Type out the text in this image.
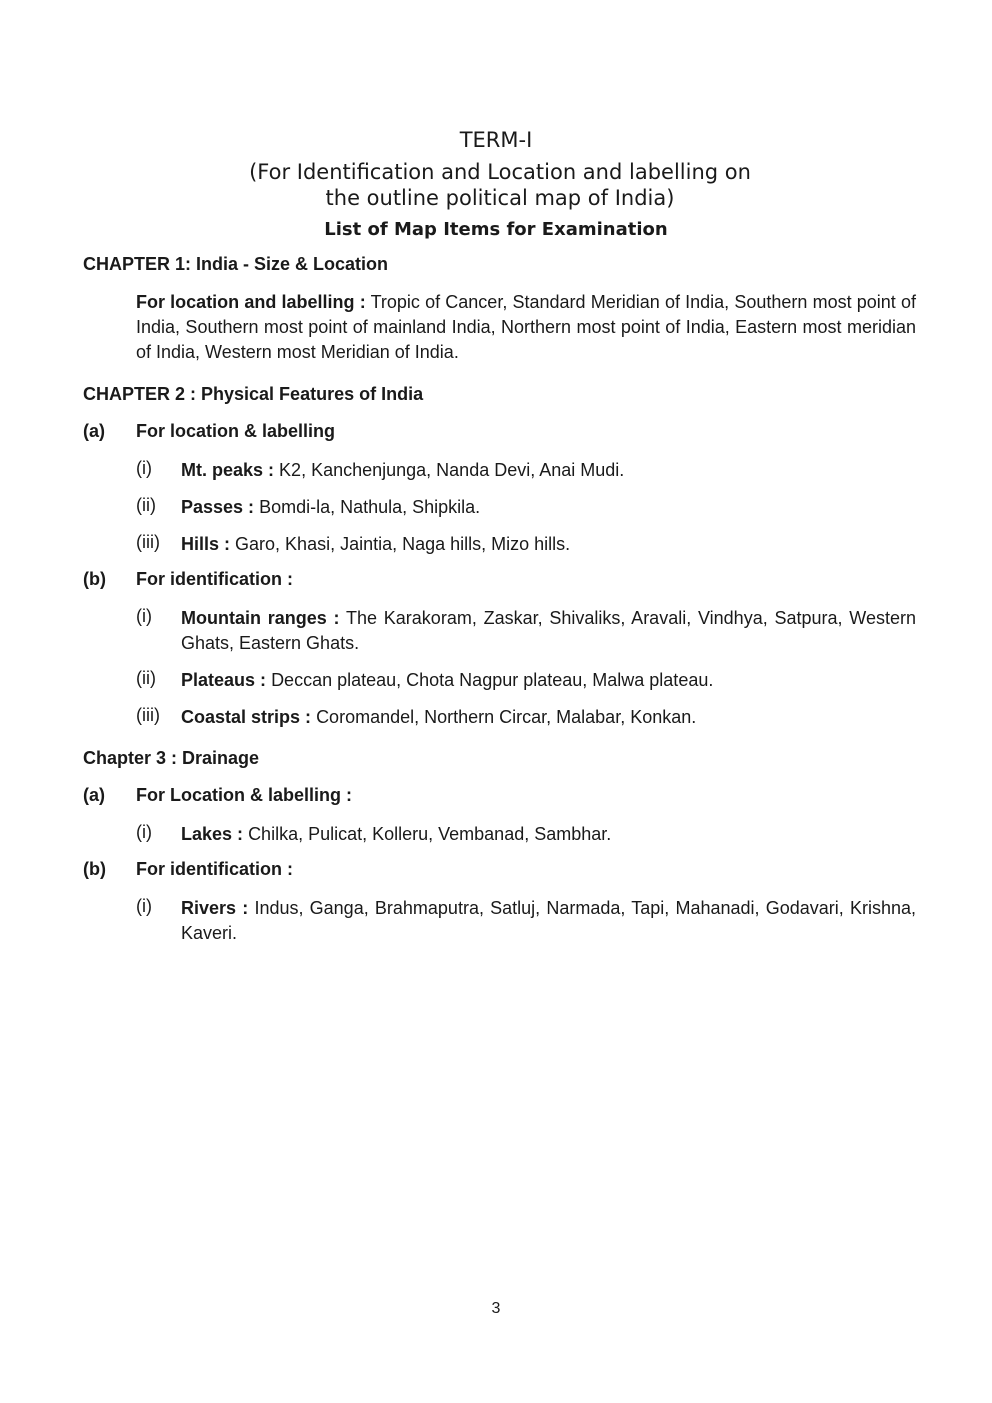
TERM-I
(For Identification and Location and labelling on
the outline political map of India)
List of Map Items for Examination
CHAPTER 1: India - Size & Location
For location and labelling : Tropic of Cancer, Standard Meridian of India, Southern most point of India, Southern most point of mainland India, Northern most point of India, Eastern most meridian of India, Western most Meridian of India.
CHAPTER 2 : Physical Features of India
(a) For location & labelling
(i) Mt. peaks : K2, Kanchenjunga, Nanda Devi, Anai Mudi.
(ii) Passes : Bomdi-la, Nathula, Shipkila.
(iii) Hills : Garo, Khasi, Jaintia, Naga hills, Mizo hills.
(b) For identification :
(i) Mountain ranges : The Karakoram, Zaskar, Shivaliks, Aravali, Vindhya, Satpura, Western Ghats, Eastern Ghats.
(ii) Plateaus : Deccan plateau, Chota Nagpur plateau, Malwa plateau.
(iii) Coastal strips : Coromandel, Northern Circar, Malabar, Konkan.
Chapter 3 : Drainage
(a) For Location & labelling :
(i) Lakes : Chilka, Pulicat, Kolleru, Vembanad, Sambhar.
(b) For identification :
(i) Rivers : Indus, Ganga, Brahmaputra, Satluj, Narmada, Tapi, Mahanadi, Godavari, Krishna, Kaveri.
3
